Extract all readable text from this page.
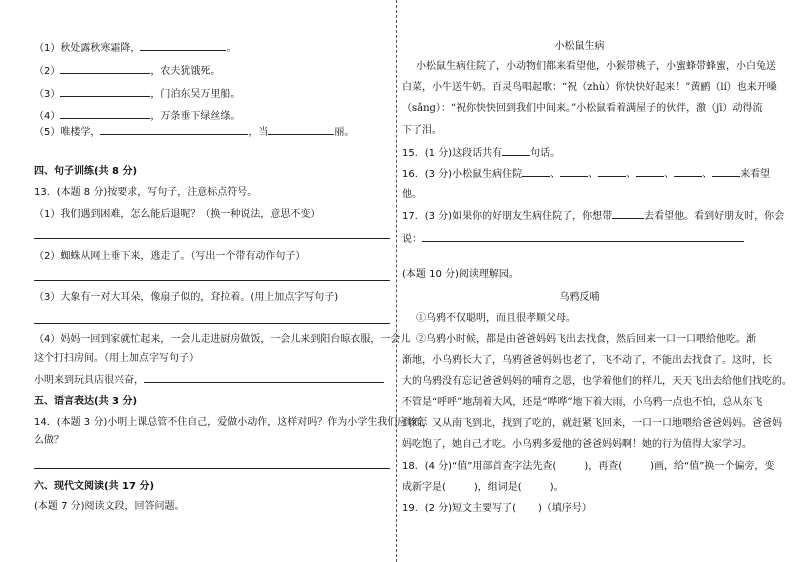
（1）秋处露秋寒霜降，	。
（2）	，农夫犹饿死。
（3）	，门泊东吴万里船。
（4）	，万条垂下绿丝绦。
（5）唯楼学，	，当	丽。
四、句子训练(共 8 分)
13．(本题 8 分)按要求，写句子，注意标点符号。
（1）我们遇到困难，怎么能后退呢？（换一种说法，意思不变）
（2）蜘蛛从网上垂下来，逃走了。（写出一个带有动作句子）
（3）大象有一对大耳朵，像扇子似的，耷拉着。(用上加点字写句子)
（4）妈妈一回到家就忙起来，一会儿走进厨房做饭，一会儿来到阳台晾衣服，一会儿
这个打扫房间。（用上加点字写句子）
小明来到玩具店很兴奋，
五、语言表达(共 3 分)
14．(本题 3 分)小明上课总管不住自己，爱做小动作，这样对吗？作为小学生我们应该怎
么做？
六、现代文阅读(共 17 分)
(本题 7 分)阅读文段，回答问题。
小松鼠生病
小松鼠生病住院了，小动物们都来看望他，小猴带桃子，小蜜蜂带蜂蜜，小白兔送
白菜，小牛送牛奶。百灵鸟唱起歌：“祝（zhù）你快快好起来！”黄鹂（lí）也来开嗓
（sǎng）：“祝你快快回到我们中间来。”小松鼠看着满屋子的伙伴，激（jī）动得流
下了泪。
15．(1 分)这段话共有	句话。
16．(3 分)小松鼠生病住院	、	、	、	、	、	来看望
他。
17．(3 分)如果你的好朋友生病住院了，你想带	去看望他。看到好朋友时，你会
说：
(本题 10 分)阅读理解园。
乌鸦反哺
①乌鸦不仅聪明，而且很孝顺父母。
②乌鸦小时候，都是由爸爸妈妈飞出去找食，然后回来一口一口喂给他吃。渐
渐地，小乌鸦长大了，乌鸦爸爸妈妈也老了，飞不动了，不能出去找食了。这时，长
大的乌鸦没有忘记爸爸妈妈的哺育之恩，也学着他们的样儿，天天飞出去给他们找吃的。
不管是“呼呼”地刮着大风，还是“哗哗”地下着大雨，小乌鸦一点也不怕，总从东飞
到西，又从南飞到北，找到了吃的，就赶紧飞回来，一口一口地喂给爸爸妈妈。爸爸妈
妈吃饱了，她自己才吃。小乌鸦多爱他的爸爸妈妈啊！她的行为值得大家学习。
18．(4 分)“值”用部首查字法先查(	)，再查(	)画，给“值”换一个偏旁，变
成新字是(	)，组词是(	)。
19．(2 分)短文主要写了( )（填序号）
